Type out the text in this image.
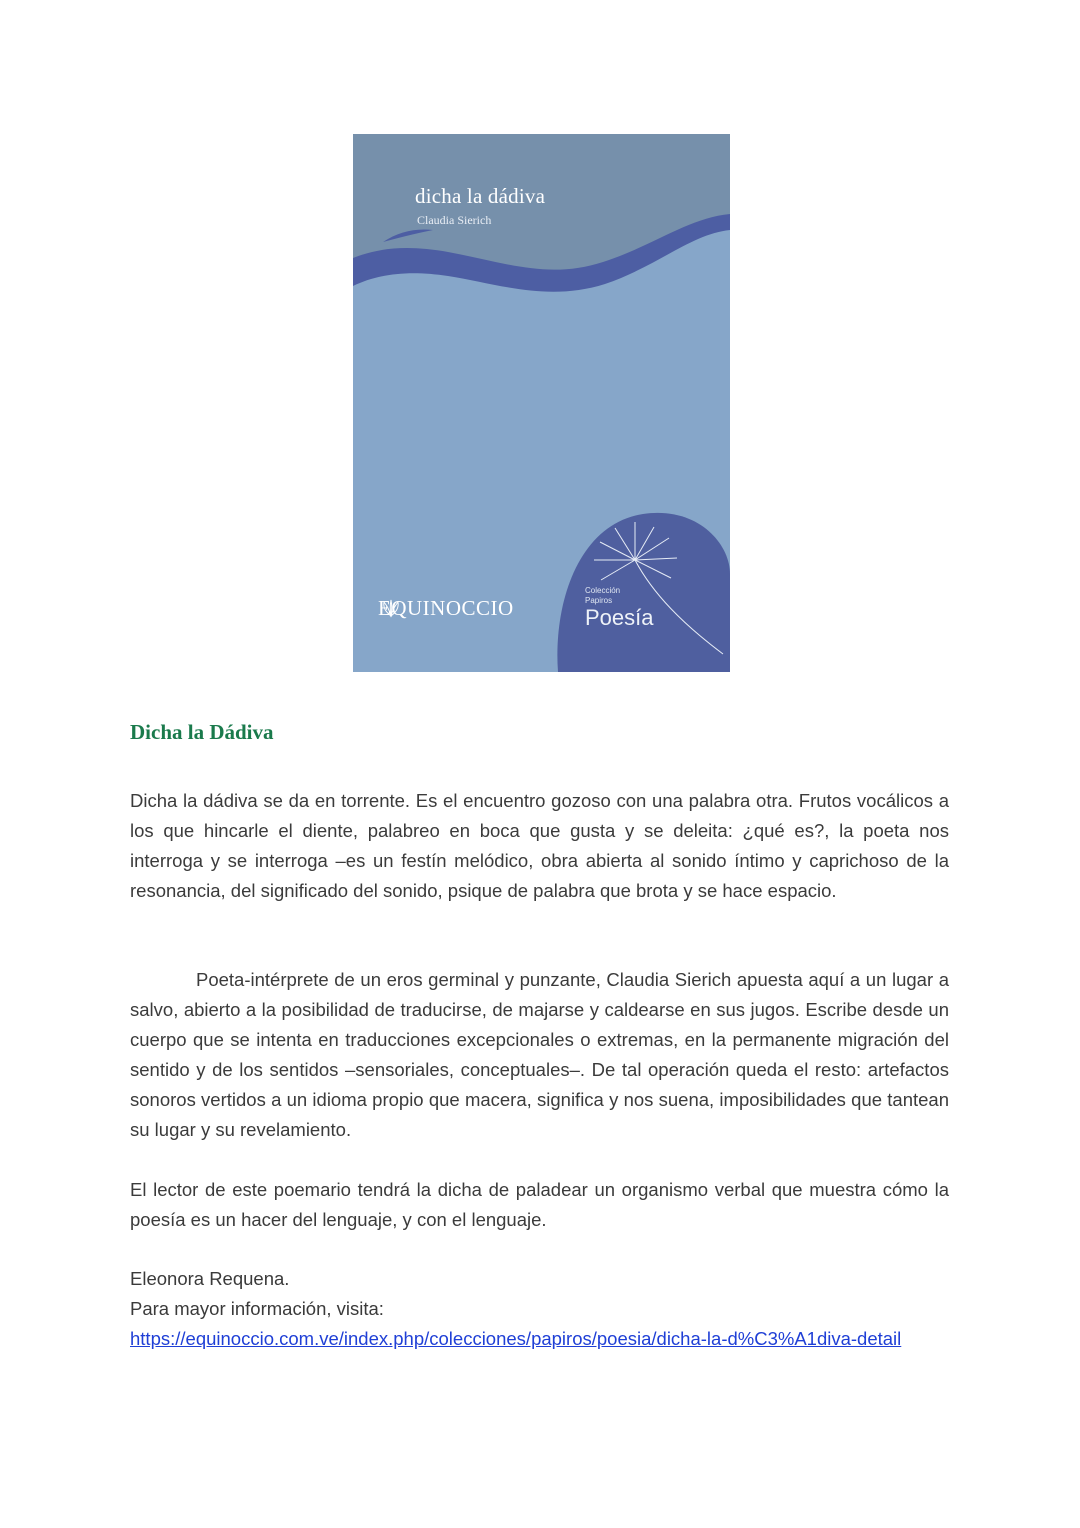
dicha la dádiva
Claudia Sierich
EQUINOCCIO
Colección
Papiros
Poesía
Dicha la Dádiva

Dicha la dádiva se da en torrente. Es el encuentro gozoso con una palabra otra. Frutos vocálicos a los que hincarle el diente, palabreo en boca que gusta y se deleita: ¿qué es?, la poeta nos interroga y se interroga –es un festín melódico, obra abierta al sonido íntimo y caprichoso de la resonancia, del significado del sonido, psique de palabra que brota y se hace espacio.

Poeta-intérprete de un eros germinal y punzante, Claudia Sierich apuesta aquí a un lugar a salvo, abierto a la posibilidad de traducirse, de majarse y caldearse en sus jugos. Escribe desde un cuerpo que se intenta en traducciones excepcionales o extremas, en la permanente migración del sentido y de los sentidos –sensoriales, conceptuales–. De tal operación queda el resto: artefactos sonoros vertidos a un idioma propio que macera, significa y nos suena, imposibilidades que tantean su lugar y su revelamiento.

El lector de este poemario tendrá la dicha de paladear un organismo verbal que muestra cómo la poesía es un hacer del lenguaje, y con el lenguaje.

Eleonora Requena.

Para mayor información, visita:

https://equinoccio.com.ve/index.php/colecciones/papiros/poesia/dicha-la-d%C3%A1diva-detail
